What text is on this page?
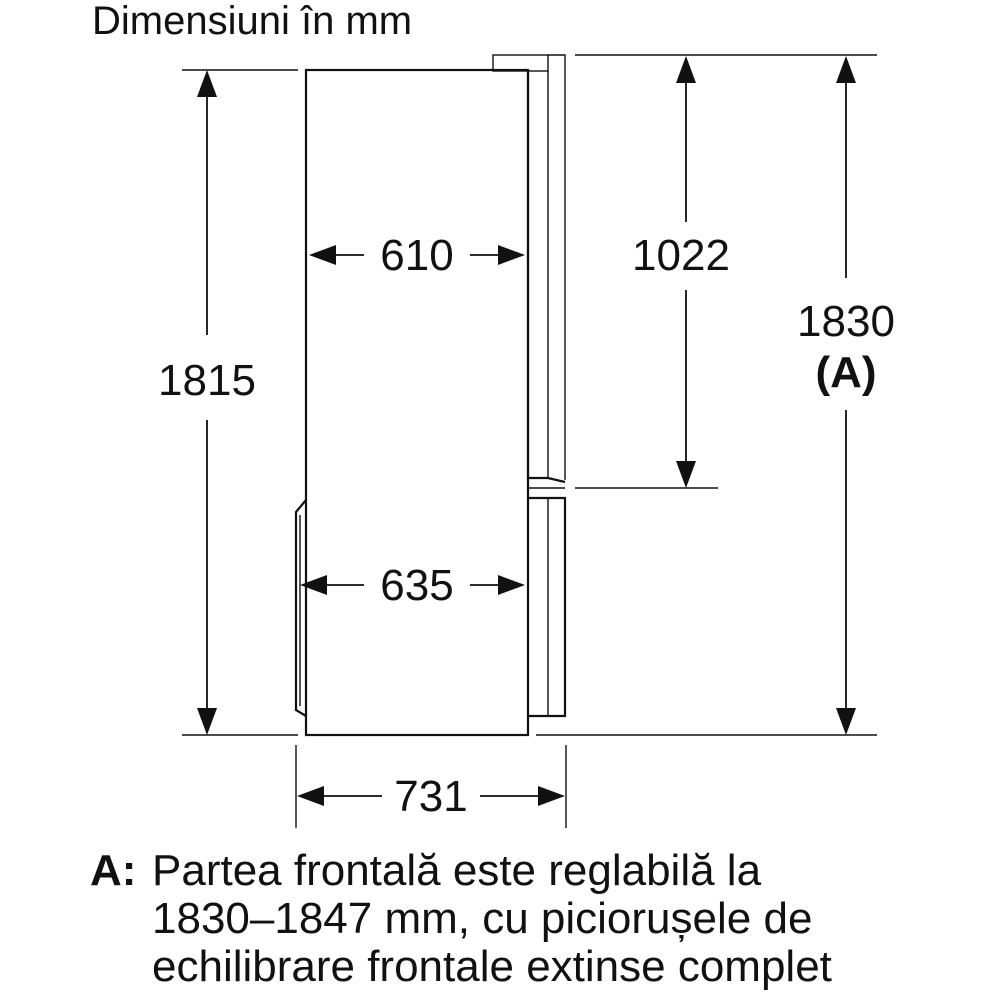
Dimensiuni în mm
1815
610
635
1022
1830
(A)
731
A: Partea frontală este reglabilă la
1830–1847 mm, cu piciorușele de
echilibrare frontale extinse complet
